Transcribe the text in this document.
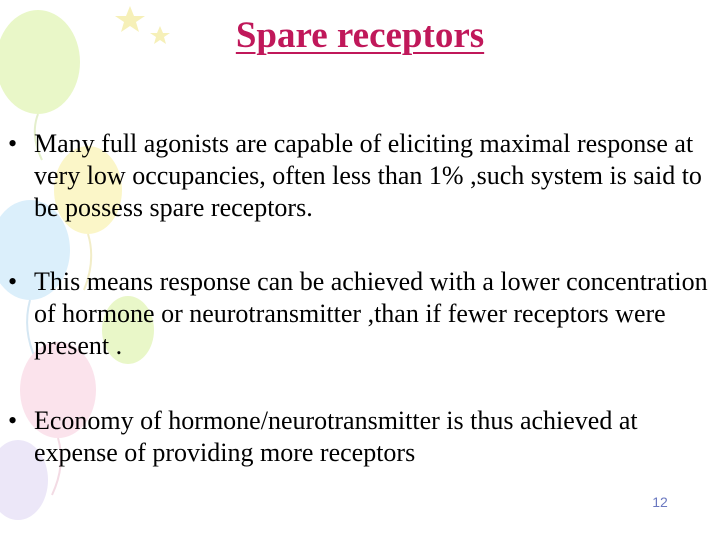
Spare receptors
• Many full agonists are capable of eliciting maximal response at very low occupancies, often less than 1% ,such system is said to be possess spare receptors.
• This means response can be achieved with a lower concentration of hormone or neurotransmitter ,than if fewer receptors were present .
• Economy of hormone/neurotransmitter is thus achieved at expense of providing more receptors
12
